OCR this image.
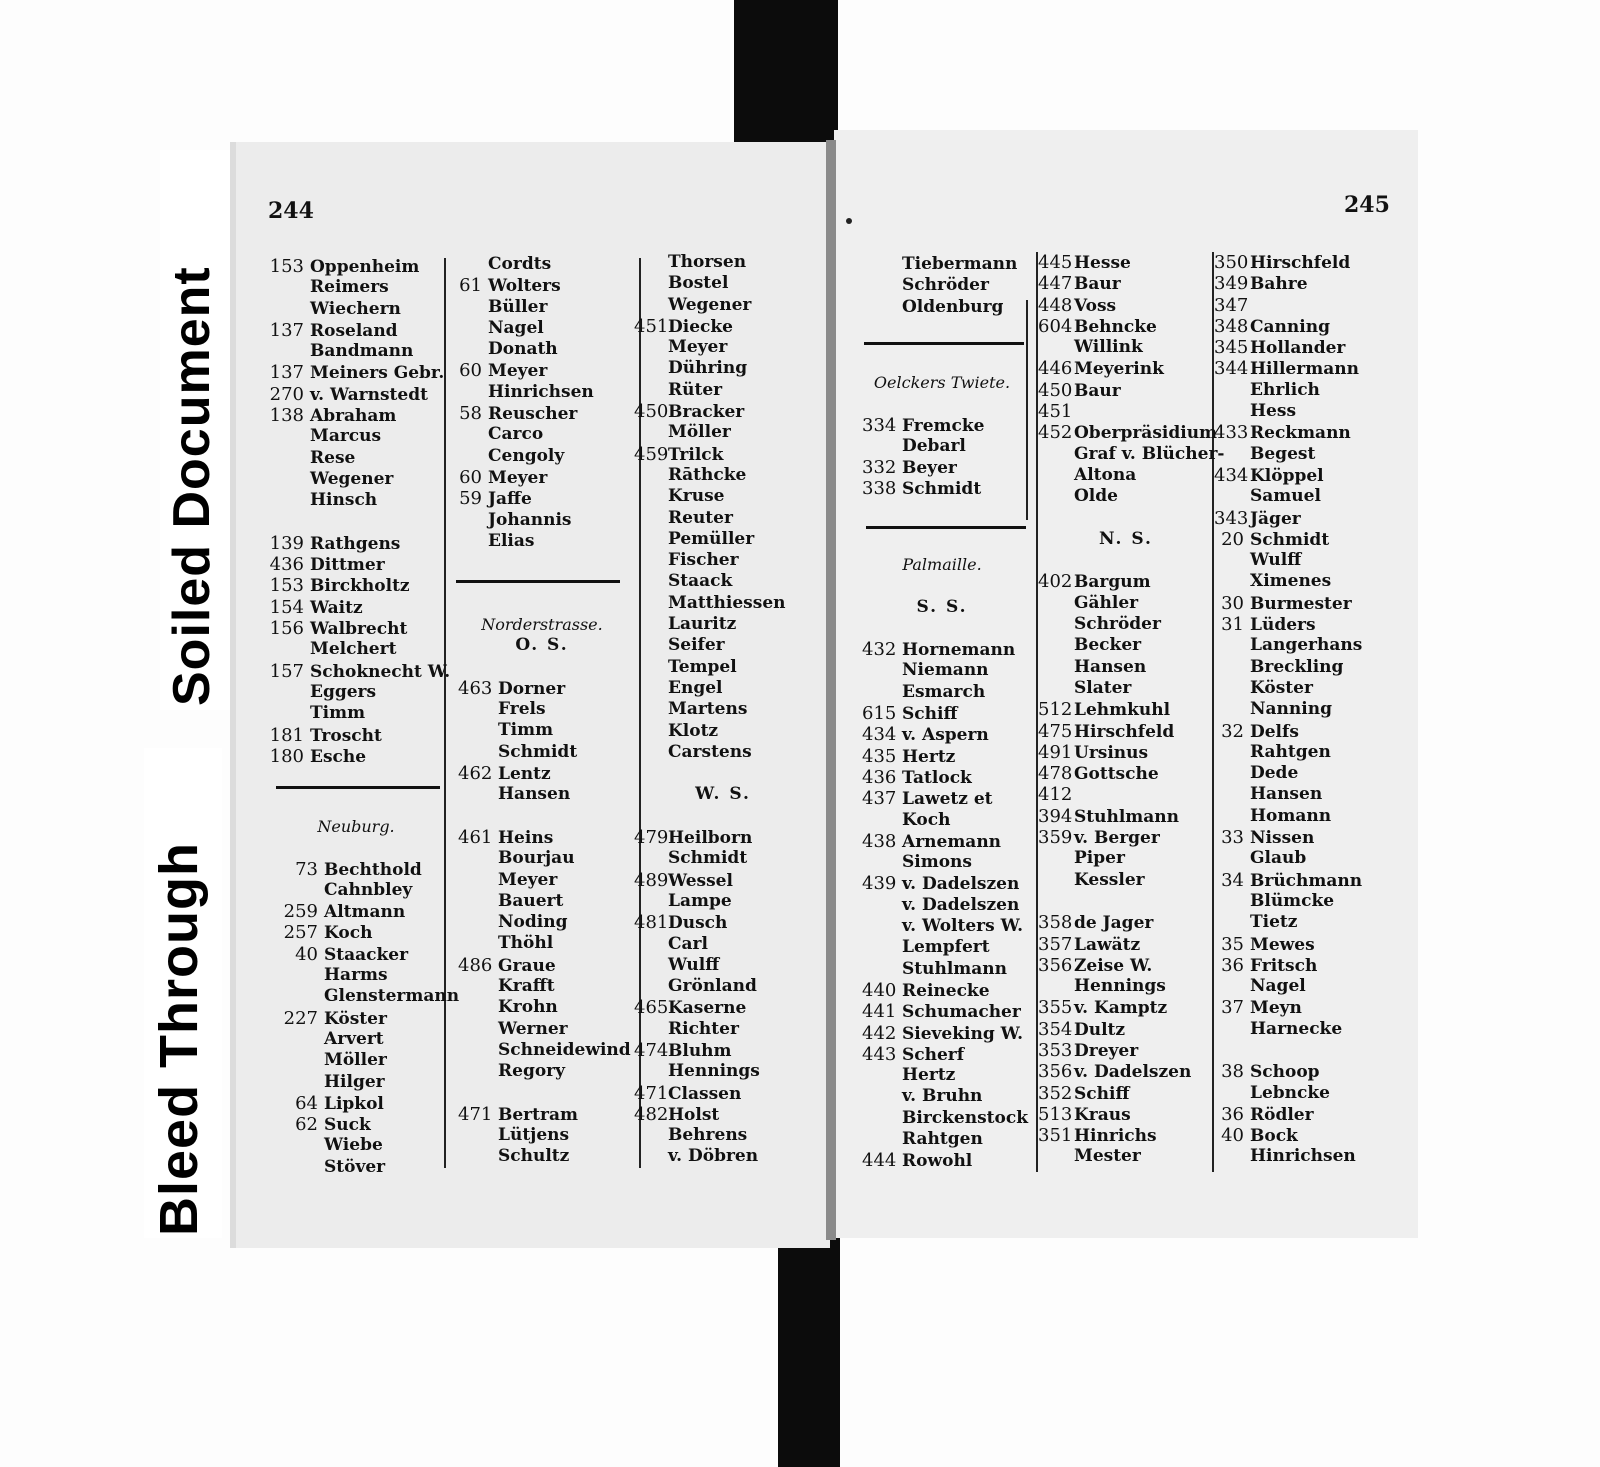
Soiled Document
Bleed Through
244	245
153 Oppenheim
Reimers
Wiechern
137 Roseland
Bandmann
137 Meiners Gebr.
270 v. Warnstedt
138 Abraham
Marcus
Rese
Wegener
Hinsch
139 Rathgens
436 Dittmer
153 Birckholtz
154 Waitz
156 Walbrecht
Melchert
157 Schoknecht W.
Eggers
Timm
181 Troscht
180 Esche
Neuburg.
73 Bechthold
Cahnbley
259 Altmann
257 Koch
40 Staacker
Harms
Glenstermann
227 Köster
Arvert
Möller
Hilger
64 Lipkol
62 Suck
Wiebe
Stöver
Cordts
61 Wolters
Büller
Nagel
Donath
60 Meyer
Hinrichsen
58 Reuscher
Carco
Cengoly
60 Meyer
59 Jaffe
Johannis
Elias
Norderstrasse.
O. S.
463 Dorner
Frels
Timm
Schmidt
462 Lentz
Hansen
461 Heins
Bourjau
Meyer
Bauert
Noding
Thöhl
486 Graue
Krafft
Krohn
Werner
Schneidewind
Regory
471 Bertram
Lütjens
Schultz
Thorsen
Bostel
Wegener
451Diecke
Meyer
Dühring
Rüter
450Bracker
Möller
459Trilck
Rāthcke
Kruse
Reuter
Pemüller
Fischer
Staack
Matthiessen
Lauritz
Seifer
Tempel
Engel
Martens
Klotz
Carstens
W. S.
479Heilborn
Schmidt
489Wessel
Lampe
481Dusch
Carl
Wulff
Grönland
465Kaserne
Richter
474Bluhm
Hennings
471Classen
482Holst
Behrens
v. Döbren
Tiebermann
Schröder
Oldenburg
Oelckers Twiete.
334 Fremcke
Debarl
332 Beyer
338 Schmidt
Palmaille.
S. S.
432 Hornemann
Niemann
Esmarch
615 Schiff
434 v. Aspern
435 Hertz
436 Tatlock
437 Lawetz et
Koch
438 Arnemann
Simons
439 v. Dadelszen
v. Dadelszen
v. Wolters W.
Lempfert
Stuhlmann
440 Reinecke
441 Schumacher
442 Sieveking W.
443 Scherf
Hertz
v. Bruhn
Birckenstock
Rahtgen
444 Rowohl
445Hesse
447Baur
448Voss
604Behncke
Willink
446Meyerink
450Baur
451
452Oberpräsidium
Graf v. Blücher-
Altona
Olde
N. S.
402Bargum
Gähler
Schröder
Becker
Hansen
Slater
512Lehmkuhl
475Hirschfeld
491Ursinus
478Gottsche
412
394Stuhlmann
359v. Berger
Piper
Kessler
358de Jager
357Lawätz
356Zeise W.
Hennings
355v. Kamptz
354Dultz
353Dreyer
356v. Dadelszen
352Schiff
513Kraus
351Hinrichs
Mester
350Hirschfeld
349Bahre
347
348Canning
345Hollander
344Hillermann
Ehrlich
Hess
433Reckmann
Begest
434Klöppel
Samuel
343Jäger
20 Schmidt
Wulff
Ximenes
30 Burmester
31 Lüders
Langerhans
Breckling
Köster
Nanning
32 Delfs
Rahtgen
Dede
Hansen
Homann
33 Nissen
Glaub
34 Brüchmann
Blümcke
Tietz
35 Mewes
36 Fritsch
Nagel
37 Meyn
Harnecke
38 Schoop
Lebncke
36 Rödler
40 Bock
Hinrichsen
